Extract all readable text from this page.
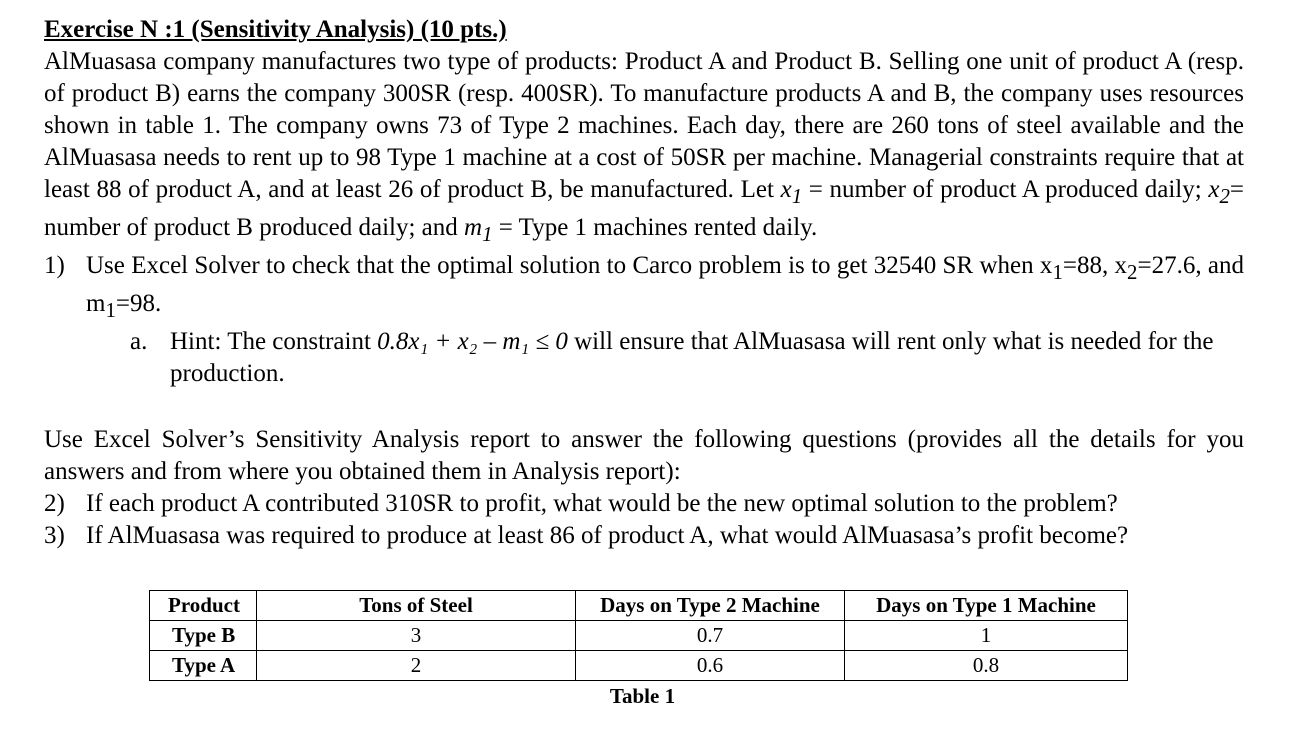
Exercise N :1 (Sensitivity Analysis) (10 pts.)

AlMuasasa company manufactures two type of products: Product A and Product B. Selling one unit of product A (resp. of product B) earns the company 300SR (resp. 400SR). To manufacture products A and B, the company uses resources shown in table 1. The company owns 73 of Type 2 machines. Each day, there are 260 tons of steel available and the AlMuasasa needs to rent up to 98 Type 1 machine at a cost of 50SR per machine. Managerial constraints require that at least 88 of product A, and at least 26 of product B, be manufactured. Let $x_1$ = number of product A produced daily; $x_2=$ number of product B produced daily; and $m_1$ = Type 1 machines rented daily.

1) Use Excel Solver to check that the optimal solution to Carco problem is to get 32540 SR when $x_1=88$, $x_2=27.6$, and $m_1=98$.
a. Hint: The constraint 0.8x₁ + x₂ – m₁ ≤ 0 will ensure that AlMuasasa will rent only what is needed for the production.

Use Excel Solver’s Sensitivity Analysis report to answer the following questions (provides all the details for you answers and from where you obtained them in Analysis report):

2) If each product A contributed 310SR to profit, what would be the new optimal solution to the problem?
3) If AlMuasasa was required to produce at least 86 of product A, what would AlMuasasa’s profit become?
Product	Tons of Steel	Days on Type 2 Machine	Days on Type 1 Machine
Type B	3	0.7	1
Type A	2	0.6	0.8
Table 1
